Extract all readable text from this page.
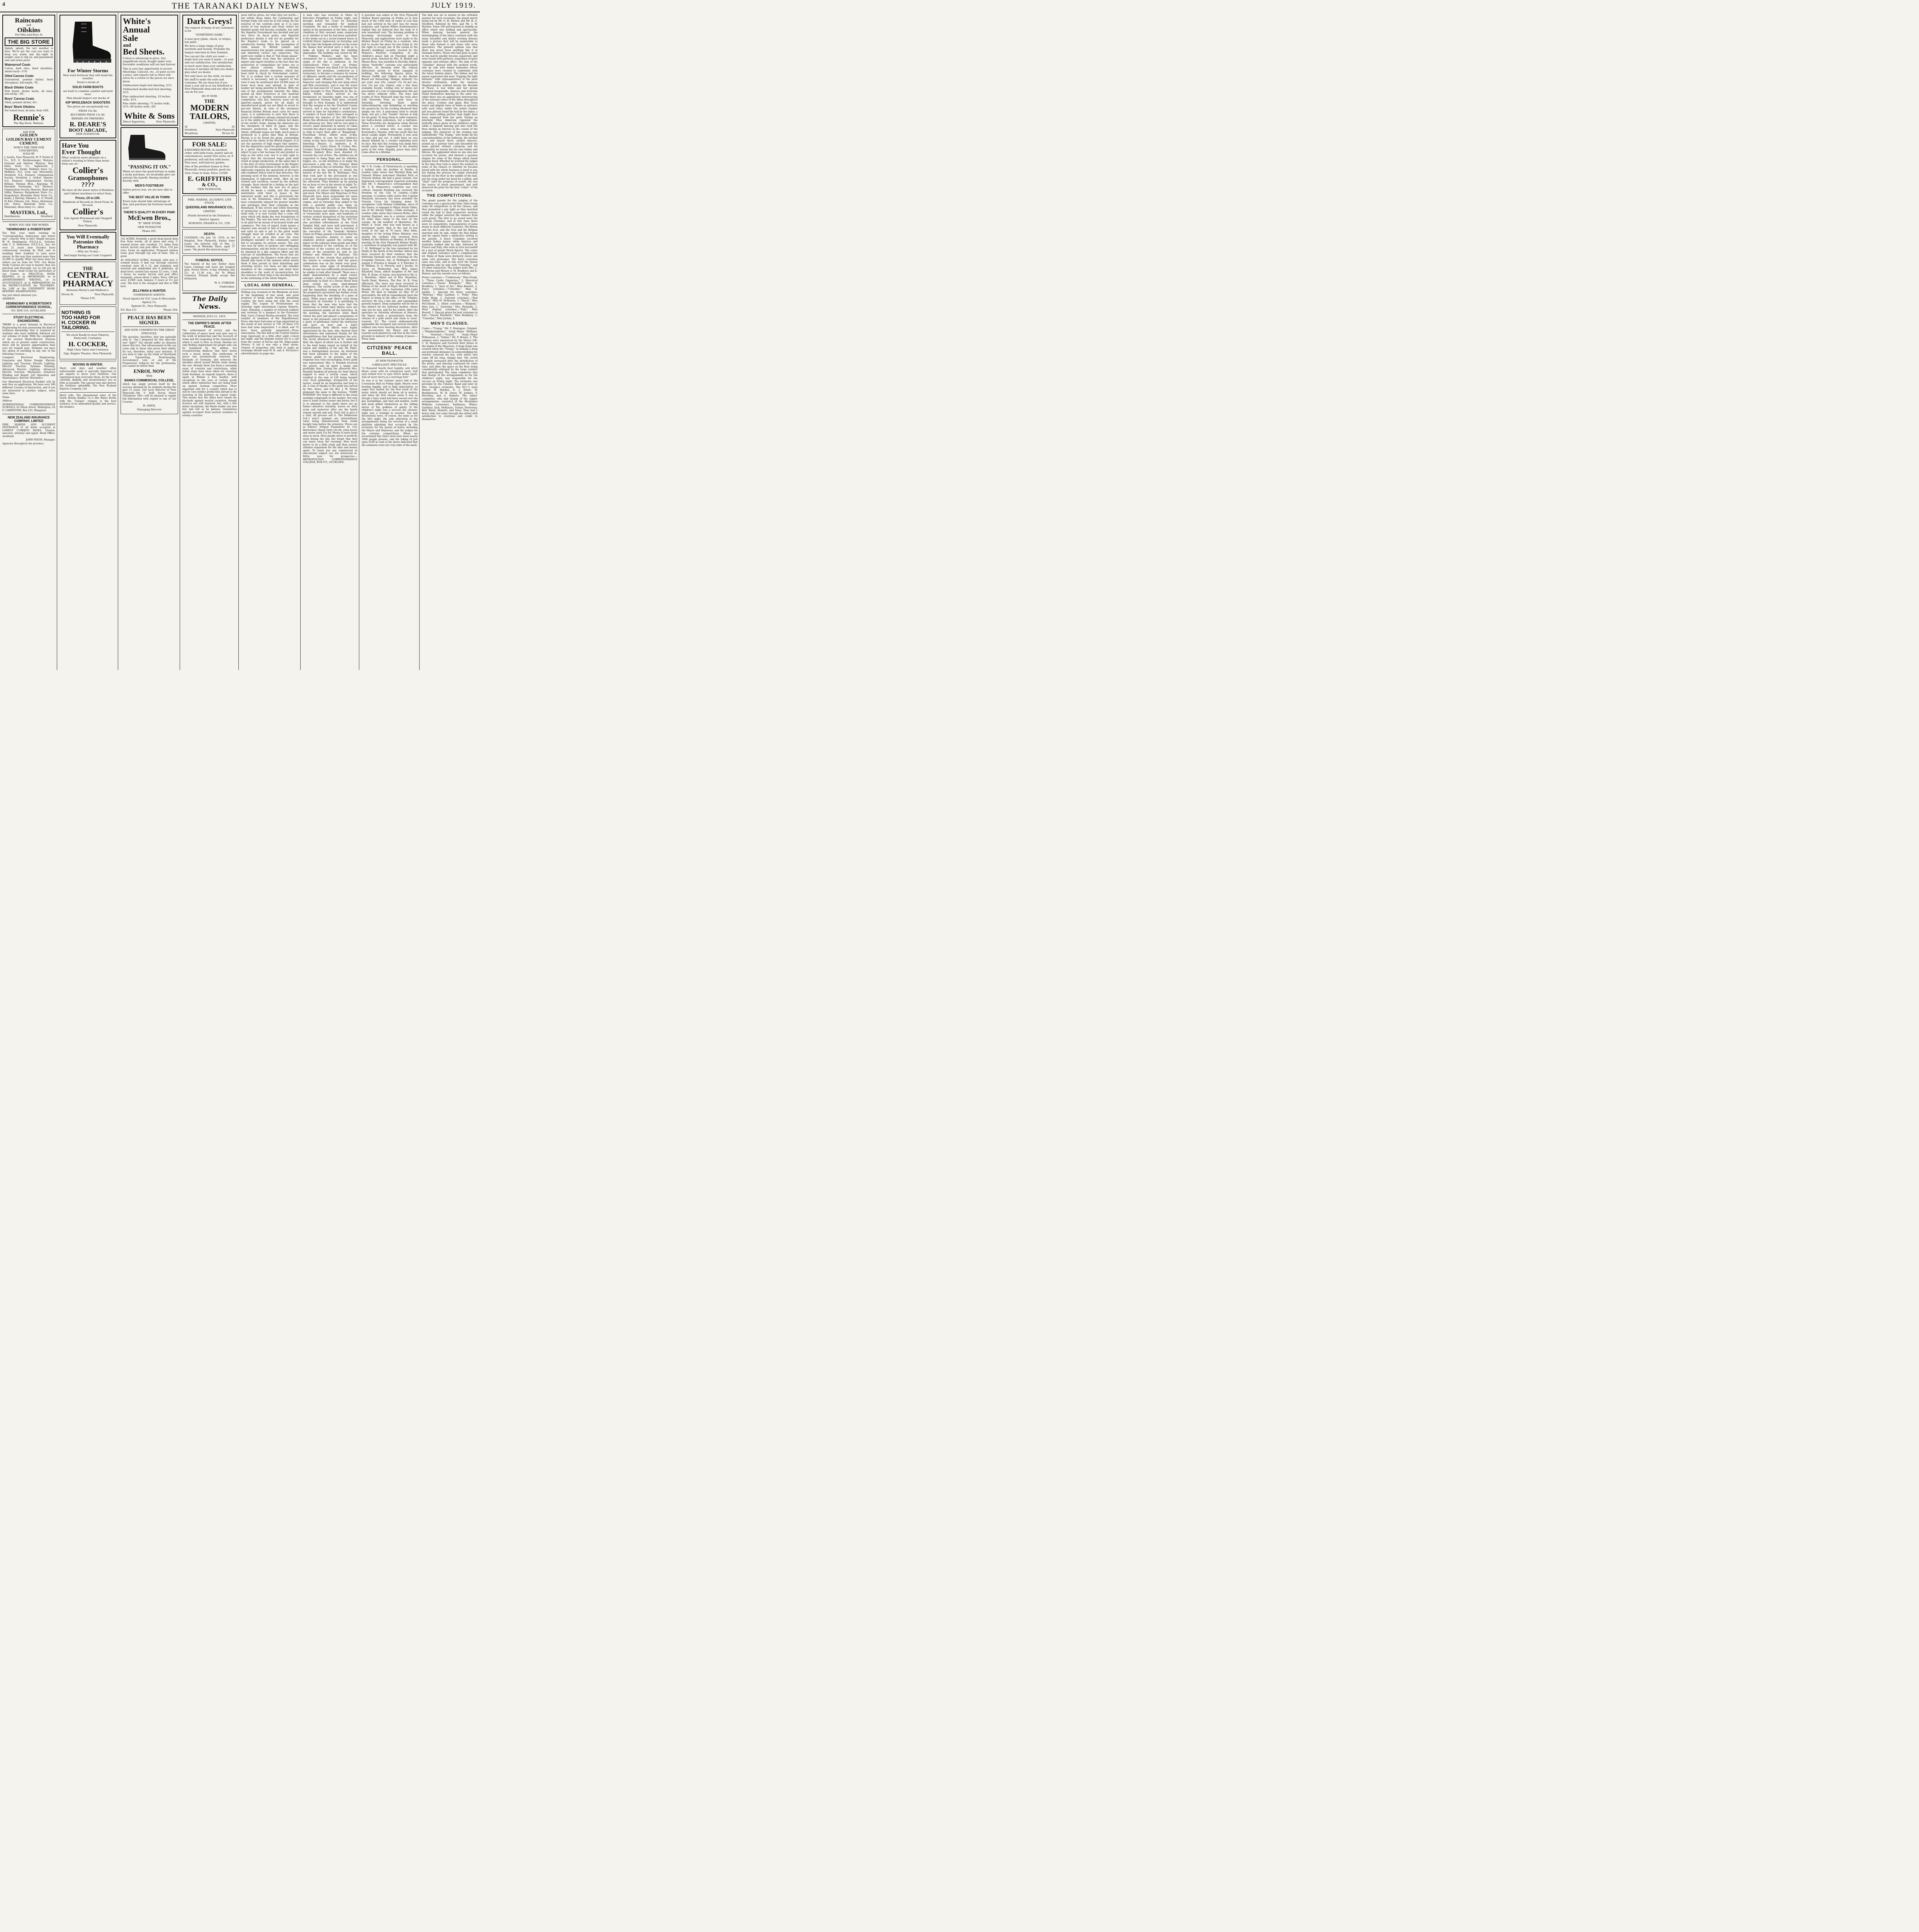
4	THE TARANAKI DAILY NEWS,	JULY 1919.
Raincoats
and
Oilskins
For Men and Boys At
THE BIG STORE

Splash, splosh, the wet weather is here. We've got the coat you want to keep you warm and dry—light in weight, easy to slip on, and guaranteed rain and storm proof.

Waterproof Coats

Cotton, dark olive, lined shoulders, slicker back—57/6.

Oiled Canvas Coats

Guaranteed, pommel slicker, lined throughout, full length, 70/-.

Black Oilskin Coats

Fish brand, slicker backs, all sizes, non-sticky—30/-.

Boys' Canvas Coats

Oiled, pommel slicker, 42/-.

Boys' Black Oilskins

For school wear, all sizes, from 10/6.

Rennie's
The Big Store, Waitara.
ASK FOR
GOLDEN
GOLDEN BAY CEMENT
CEMENT.
NOW'S THE TIME FOR CONCRETING.
SOLD BY

J. Austin, New Plymouth; W. P. Nichol & Co., N.P.; E. Beckbessinger, Waitara; Gunstad and Marlow, Waitara; Moa Dairy Store Co., Inglewood; J. Therkleson, Tariki; Midhirst Store Co., Midhirst; N.Z. Loan and Mercantile, Stratford; N.Z. Farmers' Organisation Society, Stratford; J. Arthur, Ngaere; N.Z. Farmers' Organisation Society, Eltham; Thomas Bros., Kaponga; W. Marshall, Normanby; N.Z. Farmers' Organisation Society, Hawera; Blair and Sellar, Hawera; Kaupokonui Store Co., Kaupokonui; Riverdale Dairy Store Co., Inaha; J. Barclay, Okaiawa; A. O. Powell, Te Kiri; Gibsons, Ltd., Patea; Alchenson, Ltd., Patea; Manutahi Dairy Co., Manutahi; Alton Dairy Co., Alton

MASTERS, Ltd.,
Distributors,	Stratford.
WHEN YOU SEE THE WORDS
"HEMINGWAY & ROBERTSON"

You find your mind running on "Correspondence Instruction and better pay"—exactly. Why is this? Simply because W. H. Hemingway, F.N.Z.A.A., Solicitor, with C. G. Robertson, F.N.Z.A.A., has, for over 21 years next October been continuously teaching by Mail, and so enabling their students to earn more money. In this way they assisted more than 25,000 to qualify. What has been done for others can be done for YOU. Our Home Study Courses are easy to master; they are practical and thorough. Let us tell you all about them. Send to-day for particulars of our Course in PRACTICAL BOOK-KEEPING, or in SHORTHAND, or in ADVERTISEMENT WRITING, or in ACCOUNTANCY, or in PREPARATION for the MATRICULATION, the TEACHERS', the LAW or the UNIVERSITY BOOK-KEEPERS' EXAMINATIONS.

Say just which interests you.

ADDRESS

HEMINGWAY & ROBERTSON'S CORRESPONDENCE SCHOOL,
P.O. BOX 516, AUCKLAND.
STUDY ELECTRICAL ENGINEERING.

THERE is a great demand in Electrical Engineering for men possessing the kind of technical knowledge that is acquired by students who have faithfully followed out our scheme of study. With the completion of the several Hydro-Electric Stations which are at present under construction, there will be greater opportunities than ever for trained men. Students can have the option of enrolling in any one of the following Courses—

Complete Electrical Engineering. Generator and Motor Design. Electric Lighting and Traction. Electric Lighting. Electric Traction. Dynamo Running. Advanced Electric Lighting. Advanced Electric Traction. Mechanics. Armature Winding and Repair. Lift Operation and Maintenance. Electric Wiremen's.

Our Illustrated Electrical Booklet will be sent free on application. We have over 200 different Courses of Instruction, and if you are interested in another subject, write same here.

Name

Address

INTERNATIONAL CORRESPONDENCE SCHOOLS, 62 Dixon Street, Wellington, Or F. CARPENTER, Box 223, Wanganui.

NEW ZEALAND INSURANCE COMPANY, LIMITED

FIRE, MARINE AND ACCIDENT INSURANCE of all kinds accepted at LOWEST CURRENT RATES. Trustee, executor, attorney and agent. Head Office: Auckland.

JOHN PATON, Manager.

Agencies throughout the province.

For Winter Storms

Men want footwear that will stand the weather.

Deare's stocks of

SOLID FARM BOOTS

are built to combine comfort and hard wear.

Men should inspect our stocks of

KIP WHOLEBACK SHOOTERS

The prices are exceptionally low

FROM 15s 6d.

BLUCHERS FROM 11s 9d.

REPAIRS ON PREMISES.

R. DEARE'S
BOOT ARCADE,
NEW PLYMOUTH.
Have You
Ever Thought

What could be more pleasant on a winter's evening at home than music from one of—

Collier's
Gramophones
????

We have all the latest styles of Hornless and Cabinet machines to select from.

Prices, £5 to £65.

Hundreds of Records in Stock From 3s 6d each.

Collier's

Sole Agents Brinsmead and Chappell Pianos,

New Plymouth.

You Will Eventually
Patronize this Pharmacy

—Why not To-day—

And begin Saving our Cash Coupons!

THE
CENTRAL
PHARMACY

Between Morey's and Mollison's.

Devon St.	New Plymouth.

'Phone 676.

NOTHING IS
TOO HARD FOR
H. COCKER IN
TAILORING.

We stock Ready-to-wear Palatots, Raincoats, Costumes.

H. COCKER,

High Class Tailor and Costumer,

Opp. Empire Theatre, New Plymouth.

MOVING IN WINTER.

Short, cold days and weather often unfavourable make it specially important to get experts to move your furniture. Our experienced men overcome these, do the work carefully, skilfully and inconvenience you as little as possible. The special vans also protect the furniture splendidly. The New Zealand Express Company, Ltd.

Merit tells. The phenomenal sales of the North British Rubber Co.'s Hot Water Bottle with the "Unique" stopper, is the best evidence of its undoubted quality and service. All retailers.

White's
Annual
Sale
and
Bed Sheets.

Cotton is advancing in price. Our magnificent stock, bought under very favorable conditions will not last forever.

This is your last opportunity to secure Sheetings, Calicoes, etc., at quite so low a price, and experts tell us there will never be a return to the prices we once knew.

Unbleached single bed sheeting, 2/11.

Unbleached double-bed bed sheeting, 3/11.

Fine unbleached sheeting, 18 inches wide, 4/11.

Fine white sheeting; 72 inches wide, 3/11; 80 inches wide, 4/6.

White & Sons
Direct Importers,	New Plymouth.
"PASSING IT ON."

When we have the good fortune to make a lucky purchase, we invariably give our patrons the benefit. Having stocked heavily with

MEN'S FOOTWEAR

before prices rose, we are now able to offer

THE BEST VALUE IN TOWN!

Every man should take advantage of this, and purchase his footwear needs now!

THERE'S QUALITY IN EVERY PAIR!
McEwen Bros.,

"K" SHOE STORE

NEW PLYMOUTH

Phone 201.

145 ACRES, freehold; a good clean beach farm free from weeds, all in grass and crop; 5-roomed house and cowshed; 1½ miles from school, factory and post office. Price, £35 per acre; terms on application. Proposed railway route goes through top end of farm. This is good.

44 AND-HALF ACRES, freehold, with new 5-roomed house; 6 bail run through concrete cowshed, barn 30 x 12, and trapshed; well watered and subdivided into 8 paddocks, all dead level; carried last season 22 cows, 1 bull, 1 horse; no weeds; factory and post office alongside, school about 2 miles. Price, £90 per acre; £1000 cash, balance 5 years at 5½ per cent. The best is the cheapest and this is THE best.

JELLYMAN & HUNTER.

COMMISSION AGENTS.

Stock Agents for N.Z. Loan & Mercantile Agency Co.

Egmont St., New Plymouth.

P.O. Box 211	'Phone 504.
PEACE HAS BEEN
SIGNED.

AND NOW COMMENCES THE GREAT STRUGGLE.

The question, therefore, that one naturally asks is: "Am I prepared for this after-the-war" fight?" You should suffer no illusions about this fact, that advancement in life can come only to those who prove their ability. Do not, therefore, delay your decision. If you wish to take up the study of Shorthand and Typewriting, Book-keeping, Accountancy, Law, or any of the Preparatory Subjects for the professions, you cannot do better than

ENROL NOW

With

BANKS COMMERCIAL COLLEGE,

which has amply proved itself by the success obtained by its students during the past 15 years. Our local Director at New Plymouth—Mr. V. Duff, Devon Street (Telephone 382)—will be pleased to supply full information with regard to any of our Courses.

H. AMOS,

Managing Director

Dark Greys!

The request of many of our customers is for

"SOMETHING DARK."

A neat grey (plain, check, or stripe), but quiet.

We have a large range of grey worsteds and tweeds. Probably the largest selection in New Zealand.

You can get the cloth you want —made how you want it made— to your and our satisfaction. Our satisfaction is much more than your satisfaction because it includes all that you desire plus what we desire.

Not only have we the cloth, we have the staff to make the suits and costumes. We are busy but if you want a suit call in at our Stratford or New Plymouth shop and see what we can do for you.

DO IT NOW.

THE
MODERN
TAILORS,

LIMITED,

At	At
Stratford,	New Plymouth
Broadway.	Devon St.
FOR SALE:

8-ROOMED HOUSE, in excellent order, with bath-room, pantry and all conveniences; nearly four acres, or, if preferred, will sell less with house. Very neat, well-laid-out garden.

One of the prettiest homes in New Plymouth; sunny position; good sea view. Close to tram. Price: £2500.

E. GRIFFITHS
& CO.,

NEW PLYMOUTH.

FIRE, MARINE, ACCIDENT, LIVE STOCK.

QUEENSLAND INSURANCE CO.,

LIMITED.

(Funds Invested in the Dominion.)

District Agents:

BURGESS, FRASER & CO., LTD.

DEATH.

COLEMAN.—On July 19, 1919, at the Hospital, New Plymouth, Esther Anne Laura, the beloved wife of Wm. C. Coleman, of Waiwaka Place; aged 57 years. "He giveth His beloved sleep."

FUNERAL NOTICE.

The funeral of the late Esther Anne Laura Coleman will leave the hospital gate, Devon Street, to-day (Monday, July 21), at 11.30 a.m., for Te Henui Cemetery. Friends kindly accept this intimation.

W. S. COBHAM,

Undertaker.

The Daily News.

MONDAY, JULY 21, 1919.

THE EMPIRE'S WORK AFTER PEACE.

The achievement of victory and the celebration of peace must now give way to the work of production and the recovery of trade and the reopening of the channels into which it used to flow so freely, thereby not only finding employment for people who can be numbered by the million, but reconstructing finances that have borne such a heavy strain. The ratification of peace has automatically removed the blockade of Germany, and removed the shackles which bound British trade during the war. Already there has been a sweeping away of controls and restrictions, while initial steps have been taken for restoring trade freedom. As regards imports, there is again in Britain a free market, with exceptions in the case of certain goods which affect industries that are being built up against German competition. More important still for a country which has to sell its vast surplus production abroad is the lowering of the barriers on export trade. This means that the Allies have raised the blockade against neutral countries, though licences are still required, but, with a few minor exceptions, the Home trader can now buy and sell as he pleases. Guarantees against re-export from neutral countries to enemy countries

must still be given—for what they are worth—, but within these limits the Continental and foreign trade will soon be in full swing. By the removal of the controls—slow as it is—new stocks of raw material and fresh orders for finished goods will become available, but until the Imperial Government has decided and put into force its fiscal policy and Imperial preference details it will not be possible for the Empire's trade to be placed on a satisfactory footing. What this resumption of trade means to British traders and manufacturers few people outside commercial and industrial circles can conjecture. The spirit now visible is that of "full steam ahead." More important even than the extension of import and export facilities is the fact that the production of commodities for home use is now almost entirely freed, thereby reintroducing private enterprise, which has been held in check by Government control. Yet, it is evident that a certain measure of control is necessary, and in support of this view it may be mentioned that 20,000 pairs of boots have been sent abroad, in spite of leather not being plentiful in Britain. With the end of the arrangement whereby the Allies pooled all their resources in raw material there will be a healthy restoration of trade competition. One fact, however, must not be ignored—namely, prices for all kinds of manufactured goods are not likely to revert to pre-war figures. In view of the enormous financial burden Britain must carry for many years, it is satisfactory to note that there is plenty of confidence among commercial people as to the ability of Britain to obtain her share of the world's trade. Among the obstacles are the cheapness of labor in Japan, and the intensive production in the United States, where, although wages are high, much more is produced in a given time than in Britain. Herein is to be found the great, outstanding moral for the whole of the British Empire. It is not the question of high wages that matters, but the imperative need for greater production in a given time. No reasonable person can object to pay a fair increase for any product so long as the extra cost, but it is only right to expect that the increased wages paid shall result in larger production. At the same time it is the duty of every Government in the Empire to prevent the exploitation of the public, and to rigorously suppress the operations of all trusts and combines which tend in that direction. The pressing need of the moment, however, is the elimination of industrial strife. After all the turmoil and sacrifices caused by the military struggle, there should be a feeling on the part of the workers that the new era of peace should be made a reality, and this cannot materialise until there is peace in the industrial world, and this is particularly the case in the Dominions, where the workers have consistently enjoyed far greater benefits and privileges than their comrades in the Homeland. If this severe and wilful thwarting of production is not promptly and effectively dealt with, it is very certain that a crisis will arise which will shake the very foundations of the Empire. The war has been won, but it has to be paid for by means of increased trade and commerce. The loss of export trade means a disaster only second to that of losing the war, and until an end is put to the great world struggle must be avoided at all costs. The position is so plain that even the least intelligent member of the community cannot fail to recognise its serious nature. The war was won by unity of purpose and unflagging determination, and the fruits of peace can only be obtained by a like common effort and the exercise of unselfishness. The forces that are pulling against the Empire's work after peace should take heed of the nemesis which awaits them if they persist in their disturbing and arresting tactics. Let them act like sensible members of the community, and bend their shoulders to the work of reconstruction, for the exercise of their help is the deciding factor in the well-being of the whole Empire.

LOCAL AND GENERAL.

Drilling was resumed at the Blenheim oil bore at the beginning of last week, and good progress is being made through promising country, the bore being fed with the usual supply. The Legion of Frontiersmen on Saturday night entertained Captain Roberts, Lieut. Manning, a number of returned soldiers and veterans at a banquet in the Foresters' Hall. Lieut.-Colonel Weston presided. The total number of members of the Expeditionary Force who have had arms or legs amputated as the result of war service is 710. Of these 270 have had arms amputated; 1 is blind, and 74 have been partially amputated.—Press Association. The fire bell at the Central Station rang vigorously at a little after eight o'clock last night, and the brigade turned out to a call from the corner of Devon and Mt. Edgecombe Streets. It led it was only a false alarm. Owners of properties who wish to make an exchange should read W. H. and A. McGarry's advertisement on page one.

A man who was arrested at Okato by Detective Fitzgibbon on Friday night, was brought before the Court on Saturday morning and remanded for medical treatment. He had a bottle of methylated spirits in his possession at the time, and his condition at first aroused some suspicions as to whether or not he had been assaulted. A fire broke out in a seven-roomed house in Cutfield Street, Inglewood, on Saturday, and by the time the brigade arrived on the scene the flames had secured such a hold as to make all hopes of saving the building impossible. The building was owned by Mr. T. Fulkner, Waikato, and has been untenanted for a considerable time. The origin of the fire is unknown. In the Christchurch Police Court on Friday, Catherine Coburn was fined £10 for having permitted her premises, conducted as a restaurant, to become a nuisance by reason of offensive smells and the accumulation of injurious and offensive matter. The City Inspector said sleeping fish was lying about and filth everywhere, and it was the worst place he had seen for 13 years. Amongst the cargo brought to New Plymouth by the ss. Rakea Towell, which arrived at the breakwater on Saturday night, was one of the captured German field guns, recently brought to New Zealand. It is understood that the weapon is for the Stratford County Council, and it was hoped it would have arrived in time for Saturday's celebrations. A number of local ladies have arranged to entertain the inmates of the Old People's Home this afternoon with musical selections and afternoon tea. They will be very glad to receive small donations in money or cakes towards this object and ask anyone disposed to help to leave their gifts at "Kingsleigh," Powerham Street, before noon to-day. Further offers of cars for the children's outing to-day have been received from the following: Messrs. C. Andrews, A. H. Johnstone, C. Lister, Dixon, H. Cocker, Mrs. Crocker, Dean McKenna, Archibalds, Boons. Messrs. Ambury Bros. have donated £1 towards the cost of hire. The children are all requested to bring flags and tin whistles, bugles, etc., as the intention is to make the procession a jolly one. The Citizens' Band had a strenuous day on Saturday. They were assembled in the morning to attend the funeral of the late Mr. R. Bellringer. They then took part in the procession at one o'clock, and played selections in the Park in the afternoon. They finished up by playing for an hour or two in the streets at night. To-day they will participate in the motor procession of school children to Inglewood and back. The Mayor and Mayoress of New Plymouth have been responsible for some kind and thoughtful actions during their regime, and on Saturday they added to the debt a grateful public owe them by providing tea and biscuits at the Whiteley Hall for women and children. The tea rooms or restaurants were open, and hundreds of visitors availed themselves of the invitation of the Mayor and Mayoress. The W.C.T.U. also provided refreshments at the Good Templar Hall, and were well patronised. A Hawera telegram states that a meeting of the executive of the Taranaki Farmers' Union on Friday passed a resolution that the Taranaki executive desires to enter an emphatic protest against the carriage of liquor on the railways when goods and other things essential to the carrying on of the industries of the country are refused; that copies of the resolution be sent to the Premier and Minister of Railways. The behaviour of the crowds that gathered in the streets in connection with the peace celebrations was on the whole very good. There were some signs of drunkenness, though no one was sufficiently intoxicated to be unable to look after himself. There was a slight demonstration by a small crowd, amongst whom a returned soldier figured prominently, in front of a Devon Street fruit shop owned by some dark-skinned foreigners. The tactful action of the police and the immediate closing of the shop by the proprietors prevented any further scene happening than the breaking of a pane of glass. While peace and liberty were being celebrated on Saturday it is gratifying to know that the men who have had the misfortune to forfeit their liberty were not unremembered amidst all the festivities. In the morning, the Salvation Army Band visited the gaol and played a programme of music to the prisoners, and in the afternoon a party of gentlemen visited the institution and gave an hour and a half's entertainment. Both efforts were highly appreciated by the men, who cheered their entertainers and expressed thanks for the thoughtfulness that had prompted the acts. The social afternoon held in St. Andrews' Hall, the object of which was to further add to the fund being raised on behalf of the widow and children of the late Mr. Elliot, was a distinguished success. An invitation had been extended to the ladies of the various guilds to be present, and the response was very encouraging. Every guild was represented. Mrs. O. Hundell received the guests, and all spent a happy and profitable time. During the afternoon Mrs. Hundell thanked all present for their liberal support to such a worthy cause, which resulted in the sum of £20 being handed over. Such gatherings, irrespective of the motive, would be an inspiration and help to all. A vote of thanks to the guild was moved by Mrs. Rowe, and the Rev. J. W. Patton proposed the same to the hostess. "FAIRY WONDER" Dry Soap is different to the usual washing compounds on the market. Not only does it wash clothes easier and better, but it is so pleasant to the smell—there are no fumes—dissolves instantly, leaves no dirty scum and moreover after use the hands remain smooth and soft. Don't fail to give it a trial. All grocers sell it. The Melbourne Ltd.'s men's pyjamas are extraordinary value being manufactured from cloths bought long before the armistice. Prices are as follows: Striped Flannelette 9s 11d, Horrockses' Hand Cloth 16s 6d, extra heavy and warm cloth 21s 6d. Plenty of extra large sizes in stock. Most people strive to profit by work during the day, but forget that they can waste away the evenings. How much better to do a little study and then receive ultimate repayment for the time and money spent. To teach you any commercial or educational subject you are interested in. Write now for prospectus.—METROPOLITAN CORRESPONDENCE COLLEGE, BOX 671, AUCKLAND.

A question was asked at the New Plymouth Harbor Board meeting on Friday as to how much of the 1400 tons of cargo of coal that had just arrived in the port was for steam purposes, and Captain Waller (harbormaster) replied that he believed that the bulk of it was household coal. The housing problem is becoming increasingly acute in New Plymouth, and applications were made to the Harbor Board on Friday by a resident, who had to vacate the place he was living in, for the right to occupy one of the rooms in the Board's buildings recently vacated by the Women's Patriotic Committee. At the children's peace ball on Thursday night a special prize, donated by Mrs. R. Barker and Misses Hoss, was awarded to Dorothy Abbott, whose "butterfly" costume was particularly effective. As showing what the railway dislocation means to those engaged in building, the following figures given by Messrs Duffill and Gibbon to the Harbor Board are interesting: Shingle, formerly 11s per yard, now 20s; cement 15s 5d per ton, now 15s per ton; timber, only a few lines available locally; roofing iron or slates not procurable at a cost of approximately 40s per ton above ordinary rates. The boys and youths of New Plymouth kept the town alive with fireworks from an early hour on Saturday, throwing them about indiscriminately, and delighting in startling the passers-by. As the evening advanced they simply ran riot. A policeman tried to steady them, but got a few "bombs" thrown at him for his pains. To keep them in order required, not half-a-dozen policemen, but a battalion. These fireworks are dangerous when thrown about a crowded street. A cracker was thrown at a woman who was going into Everybody's Theatre, with the result that her dress caught alight. Fortunately it was seen in time and put out. A child later on was almost blinded by a cracker exploding near its face. But that the evening was damp fires would easily have happened in the wooden parts of the town. Happily, peace days don't come often in a lifetime.

PERSONAL.

Mr. V. R. Cooke, of Christchurch, is spending a holiday with his brother at Pauiho. A London cable states that Marshal Haig and General Wilson welcomed Marshal Foch at Victoria Station. He had a great ovation. Our Inglewood correspondent reported yesterday that Mr. T. Hamerton's correspondent that Mr. T. R. Hamerton's condition was very critical. General Pershing has received the freedom of the City of London.—Cable message. A London cable states that Captain Mannock, deceased, has been awarded the Victoria Cross for bringing down 50 aeroplanes. Lady Helena Cambridge, niece of the Queen, is engaged to Major Aveyly Gibbs, son of Sir Antony Gibbs.—Cable message. A London cable states that General Botha, after leaving England, was in a serious condition for some days owing to the heat on the voyage. An old resident of Masterton, Mr. Harry A. Scott, who was well known as a newspaper agent, died at the end of last week, at the age of 70 years. Miss Allen, daughter of the Acting Prime Minister, was among the civilians who returned from Sydney by the Makura on Monday. At Friday's meeting of the New Plymouth Harbor Board, a resolution of sympathy was passed with Mr. C. H. Bellringer in the loss sustained by his family in the death of his brother. Advice has been received by their relatives that the following Taranaki men are returning by the troopship Gleneon, due at Wellington about August 2: Privates A. Kenall, A. V. Fletcher, S. W. Milham, R. G. Moverly, and J. Jacobs. At Auroa on Wednesday last Miss Agnes Elizabeth Dunn, eldest daughter of Mr. and Mrs. R. Dunn, of Auroa, was married to Mr. A. J. Haseltine, eldest son of Mrs. Haseltine, South Road, Hawera. The Rev. H. B. Gray officiated. The news has been received in Eltham of the death of Major Herbert Bowen Hamlin, D.S.O., of the Australian 10th Light Horse. He died at Ismailia on May 30 of pericarditis. He will be remembered (says the Argus) as being in the office of Mr. Templer, surveyor. He was a fine lad, and commanded general respect. Deep sympathy will be felt in this district for his widowed mother, whose only son he was, and for his widow. After the speeches on Saturday afternoon at Hawera, the Mayor made a presentation from the citizens of a gold watch and chain to Lieut. Laurent, V.C. The crowd enthusiastically applauded the recipient and several returned soldiers who were wearing decorations. After the presentation the Mayor and Lieut. Laurent each planted an oak tree in the tower grounds in memory of the coming of peace.—Press Assn.

CITIZENS' PEACE BALL.

AT NEW PLYMOUTH.

A BRILLIANT SPECTACLE.

"A thousand hearts beat happily; and when Music arose with its voluptuous swell, Soft eyes looked love to eyes which spake again, And all went merry as a marriage bell."

So was it at the citizens' peace ball at the Coronation Hall on Friday night. Hearts were beating happily, and in high expectation, as eager feet waited for the first swell of the music which should set them all in motion, and when the first strains arose it was as though a fairy wand had been waved over the gay assemblage, and man and maiden, youth and maid glided themselves as the willing slaves of the goddess of gaiety. If the children's night was a success the citizens' night was a triumph in excelsis. The hall decorations were, of course, the same as for the first night, the only alteration in the arrangements being the erection of a small platform adjoining that occupied by the orchestra for the guests of honor, including the Mayor and Mayoress, and the judges for the costume competitions. When we ascertained that there must have been nearly 1800 people present, and the taking of just upon £100 in cash at the doors indicated that the estimates were not very wide of the mark.

The ball was set in motion in the orthodox manner for such occasions, the grand march being led by Mr. G. H. Weston and Mr. H. A. Stratford, followed by Mrs. and Mr. J. W. Hayden. Some 200 participated in making an effect which was striking and spectacular. When dancing became general the intermingling of the fancy costumes with the many beautiful and dainty evening dresses made a picture that will be memorable to those who formed it and those who were spectators. The general opinion was that there has never been anything like it in Taranaki before. Those who had gone in pairs in the march quickly became separated, and were found with partners, sometimes of quite opposite and extreme effect. The lady of the "crinoline" danced with the modern youth, side by side with dainty damosiles whose costumes were created in conformity with the latest fashion plates. The Indian and his squaw separated and were "tripping the light fantastic" with representatives of the most diverse civilisation, while the ominous Mephistopheles waltzed beside the Heralds of Peace. A war bride and her groom appeared inseparable. America and Australia found themselves dancing in the same set, while there was an appropriate interweaving of the national colors of the Allies throughout the piece. Cowboy and gipsy, Red Cross nurse and pilgrim were at home as partners with each other, whilst the sedate Quaker girl was piloted round the hall by the baker, a much more willing partner than might have been supposed from her garb. During an interlude Miss Anderson repeated the butterfly dance given on the children's night, while a Spanish dancing girl also took the floor during an interval in the course of the judging. The character of the evening was undoubtedly "The Tramp," who broke all the conventionalities of the ballroom. He strolled here and stayed there, jostled dancers, picked up a partner here and discarded the same partner without ceremony and for apparently no reason but his own whims and fancies. He applauded when no one else saw occasion for praise, and showed a genuine disgust for some of the things which found popular favor. Whether he worried the judges in the time they took to select the winners in some of the classes or whether he became bored with the whole business is hard to say, but during the process he calmly stretched himself on the floor in the middle of the hall, put his swag under his head for a pillow, and "slept" until the progress of events. He was the source of much amusement, and well deserved the prize for the best "comic" of the occasion.

THE COMPETITIONS.

The grand parade for the judging of the costumes was a spectacular item, there being some 60 competitors in all the classes, and they presented a gay sight as they marched round the hall in their respective sections while the judges selected the winners from each group. The first to go round were the national costumes, and in this class there were 22 competitors, representative of some dozen or more different countries. The Briton and the Scot, and the Scot and the Belgian marched side by side, whilst the Red Indian and his squaw made a distinctive setting to the parade. A brave Canadian escorted another Indian squaw, while America and Australia walked side by side, followed by France and Italy, who were in turn succeeded by a pair of quaint Dutch figures. The comic and original costumes were a conglomerate lot. Many of them were distinctly clever and some very grotesque. The fancy costumes class was next, and in this were the Queen Elizabeths side by side with "Crinoline," and 10 other characters. The judges were Mrs. C. H. Weston and Messrs A. M. Bradbury and E. Harnor, and the awards were as follows:

Poster costumes.—"Coldstream," Miss Frank, 1; "Three Castle Cigarettes," 2. Historical costumes.—"Queen Elizabeth," Miss D. Bradbury, 1; "Joan of Arc," Miss Bennett, 2. Fancy costumes.—"Crinoline," Miss D. Jordan, 1. Specials for fancy costumes: "Watteau," Miss Gardner, 1; "Folly," Miss Zelda Hogg, 2. National costumes.—"Red Indian," Miss M. McKenzie, 1; "Dutch," Miss McCleland, 2. Allied costumes.—"Belgium," Miss Jury, 1; "Australia," Mrs. Richards, 2. Most original costumes.—"Italy," Miss Bootell, 1. Special prizes for best costumes in hall.—"Queen Elizabeth," Miss Bradbury, 1; "Crinoline," Miss Jordan, 2.

MEN'S CLASSES.

Comic.—"Tramp," Mr. T. Montague. Original.—"Mephistopheles," Sergt.-Major Williams, 1. National.—"Scotch," Sergt.-Major Williamson, 1; "Indian," Mr. F. Honan, 2. The winners were announced by the Mayor (Mr. C. H. Burgess) and received their prizes at the hands of the Mayoress. A huge laugh was created when the "Tramp," in making a deep and profound obeisance in acknowledging his reward, removed his hat, with which also came off his long, shaggy hair. The crowd promptly increased after the distribution of the prizes, and dancing continued for some time, and after, the space on the floor being considerably enlarged by the large number that participated. The same committee that had charge of the arrangements as for the children's night, was responsible for the success on Friday night. The orchestra was provided by the Citizens' Band and later by Mrs. George's orchestra. The M.C.'s were Messrs W. Hayden, E. J. Deare, W. Hardgreaves, W. H. Greer, W. Jenkins, F. Moverley, and A. Roberts. The ladies' committee, who had charge of the supper arrangements, consisted of the Mesdames Williams (convener), Parkinson, Whyte, Gardiner, Inch, McKenzie, Turner, Portroway, Bell, Wyatt, Bennett, and Yates. They had a heavy task, but came through the ordeal with satisfaction to everyone and credit to themselves.
